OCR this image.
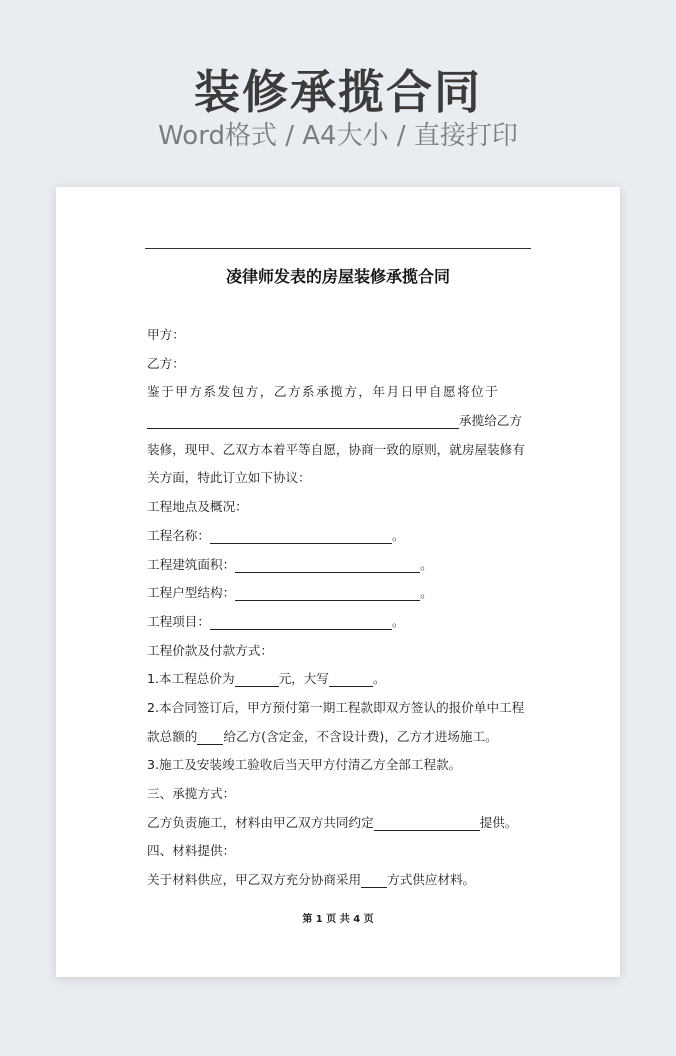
装修承揽合同
Word格式 / A4大小 / 直接打印
凌律师发表的房屋装修承揽合同
甲方：
乙方：
鉴于甲方系发包方，乙方系承揽方，年月日甲自愿将位于
承揽给乙方
装修，现甲、乙双方本着平等自愿，协商一致的原则，就房屋装修有
关方面，特此订立如下协议：
工程地点及概况：
工程名称：	。
工程建筑面积：	。
工程户型结构：	。
工程项目：	。
工程价款及付款方式：
1.本工程总价为	元，大写	。
2.本合同签订后，甲方预付第一期工程款即双方签认的报价单中工程
款总额的 给乙方(含定金，不含设计费)，乙方才进场施工。
3.施工及安装竣工验收后当天甲方付清乙方全部工程款。
三、承揽方式：
乙方负责施工，材料由甲乙双方共同约定	提供。
四、材料提供：
关于材料供应，甲乙双方充分协商采用 方式供应材料。
第 1 页 共 4 页
